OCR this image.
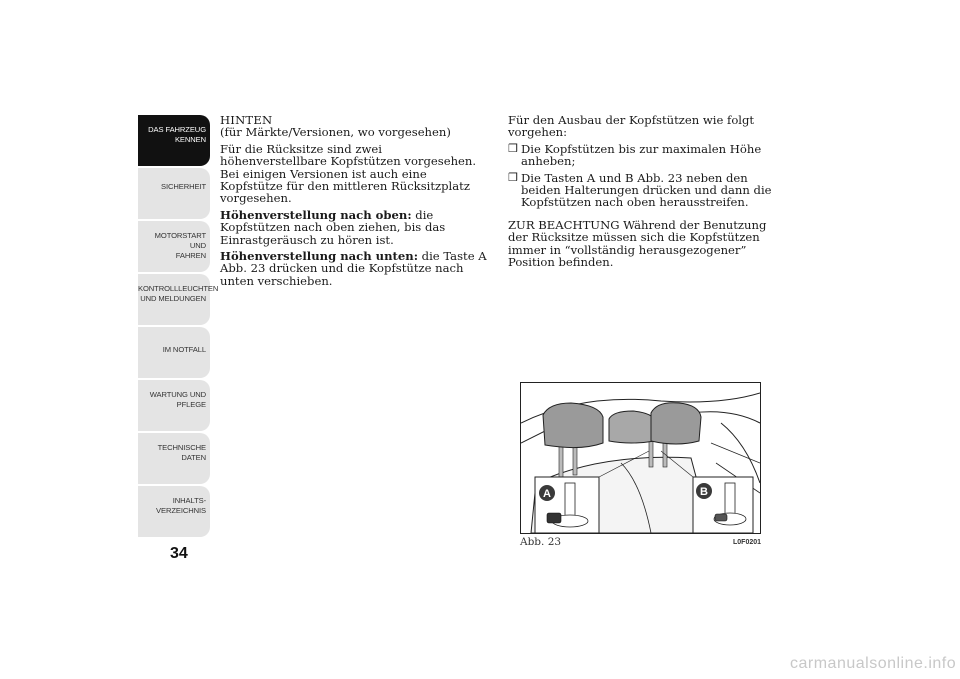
DAS FAHRZEUG
KENNEN
SICHERHEIT
MOTORSTART UND
FAHREN
KONTROLLLEUCHTEN
UND MELDUNGEN
IM NOTFALL
WARTUNG UND
PFLEGE
TECHNISCHE
DATEN
INHALTS-
VERZEICHNIS
34
HINTEN

(für Märkte/Versionen, wo vorgesehen)

Für die Rücksitze sind zwei höhenverstellbare Kopfstützen vorgesehen. Bei einigen Versionen ist auch eine Kopfstütze für den mittleren Rücksitzplatz vorgesehen.

Höhenverstellung nach oben: die Kopfstützen nach oben ziehen, bis das Einrastgeräusch zu hören ist.

Höhenverstellung nach unten: die Taste A Abb. 23 drücken und die Kopfstütze nach unten verschieben.

Für den Ausbau der Kopfstützen wie folgt vorgehen:

❒ Die Kopfstützen bis zur maximalen Höhe anheben;
❒ Die Tasten A und B Abb. 23 neben den beiden Halterungen drücken und dann die Kopfstützen nach oben herausstreifen.

ZUR BEACHTUNG Während der Benutzung der Rücksitze müssen sich die Kopfstützen immer in “vollständig herausgezogener” Position befinden.

A	B
Abb. 23	L0F0201
carmanualsonline.info
